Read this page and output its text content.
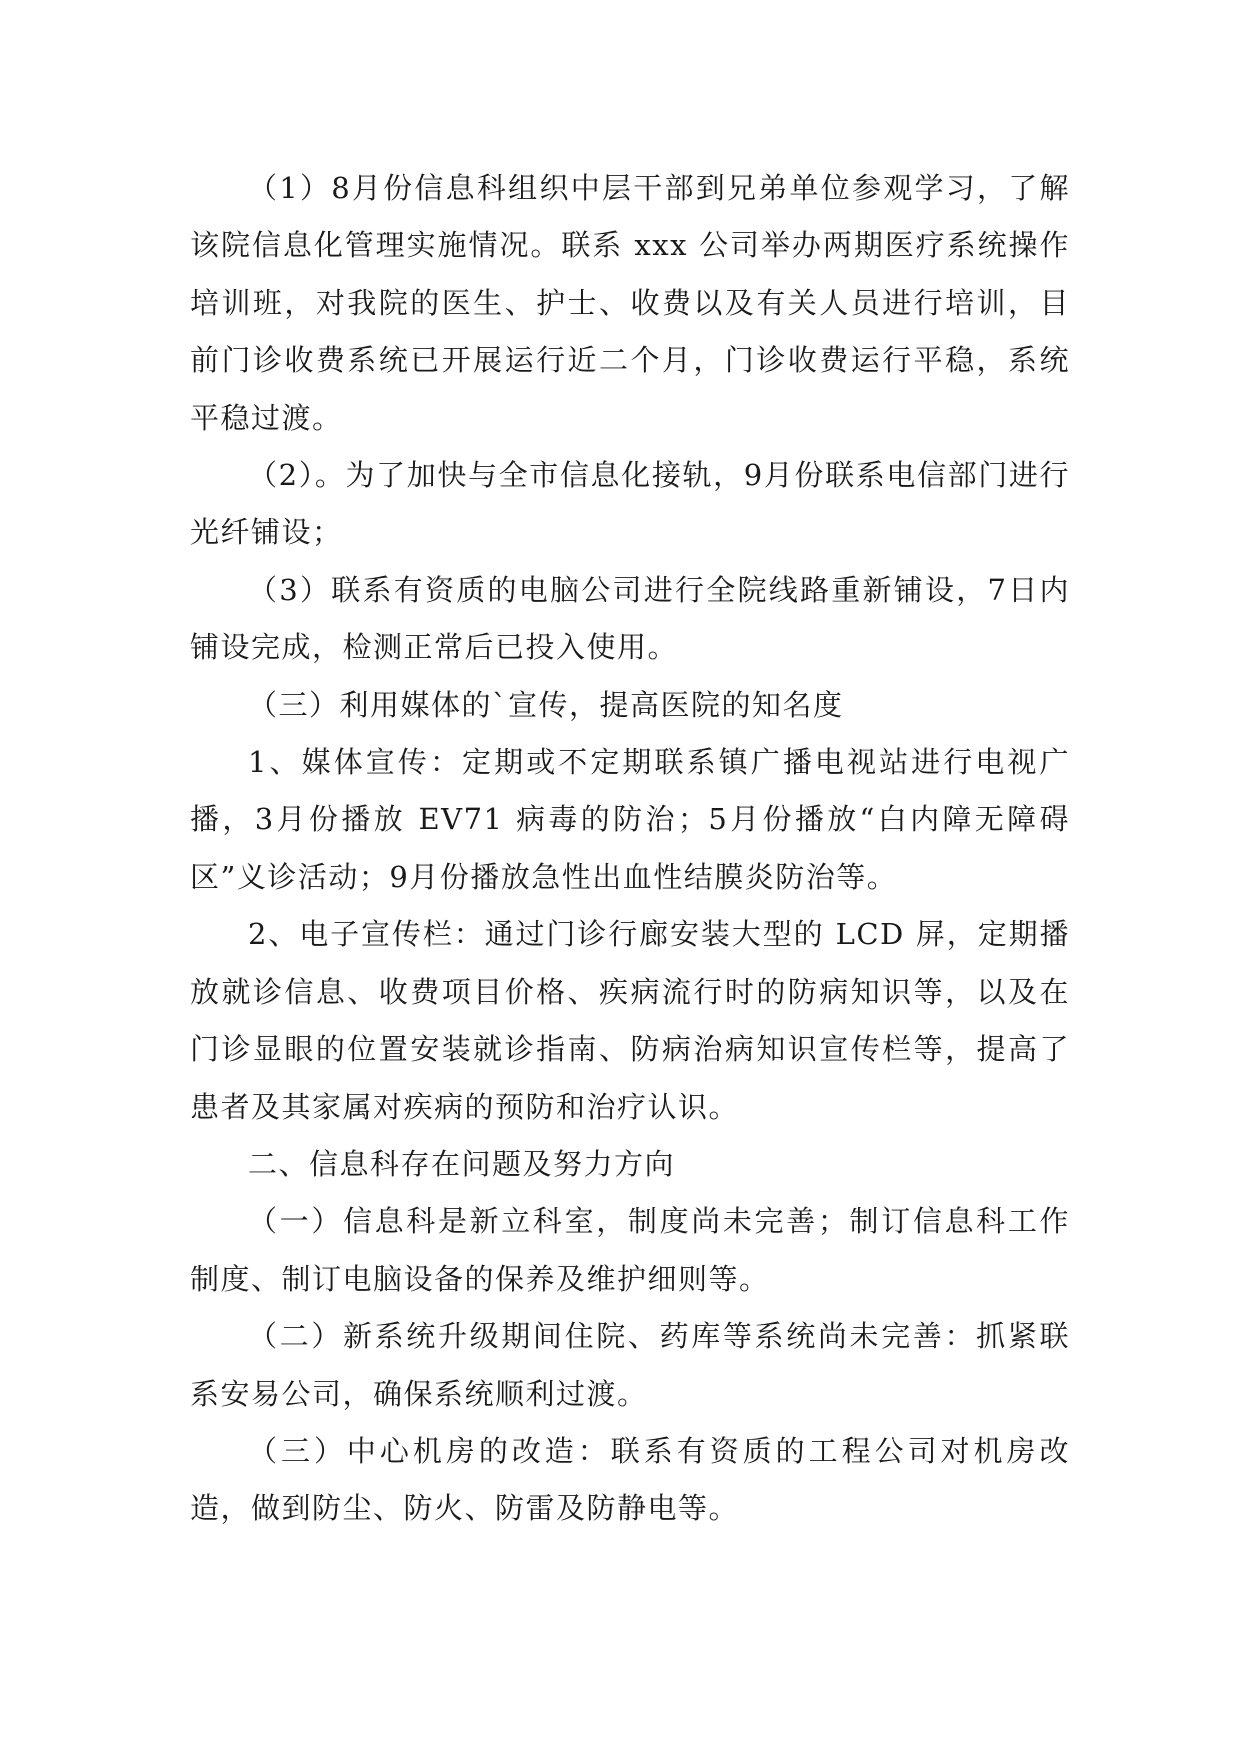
（1）8月份信息科组织中层干部到兄弟单位参观学习，了解该院信息化管理实施情况。联系 xxx 公司举办两期医疗系统操作培训班，对我院的医生、护士、收费以及有关人员进行培训，目前门诊收费系统已开展运行近二个月，门诊收费运行平稳，系统平稳过渡。

（2）。为了加快与全市信息化接轨，9月份联系电信部门进行光纤铺设；

（3）联系有资质的电脑公司进行全院线路重新铺设，7日内铺设完成，检测正常后已投入使用。

（三）利用媒体的`宣传，提高医院的知名度

1、媒体宣传：定期或不定期联系镇广播电视站进行电视广播，3月份播放 EV71 病毒的防治；5月份播放“白内障无障碍区”义诊活动；9月份播放急性出血性结膜炎防治等。

2、电子宣传栏：通过门诊行廊安装大型的 LCD 屏，定期播放就诊信息、收费项目价格、疾病流行时的防病知识等，以及在门诊显眼的位置安装就诊指南、防病治病知识宣传栏等，提高了患者及其家属对疾病的预防和治疗认识。

二、信息科存在问题及努力方向

（一）信息科是新立科室，制度尚未完善；制订信息科工作制度、制订电脑设备的保养及维护细则等。

（二）新系统升级期间住院、药库等系统尚未完善：抓紧联系安易公司，确保系统顺利过渡。

（三）中心机房的改造：联系有资质的工程公司对机房改造，做到防尘、防火、防雷及防静电等。
